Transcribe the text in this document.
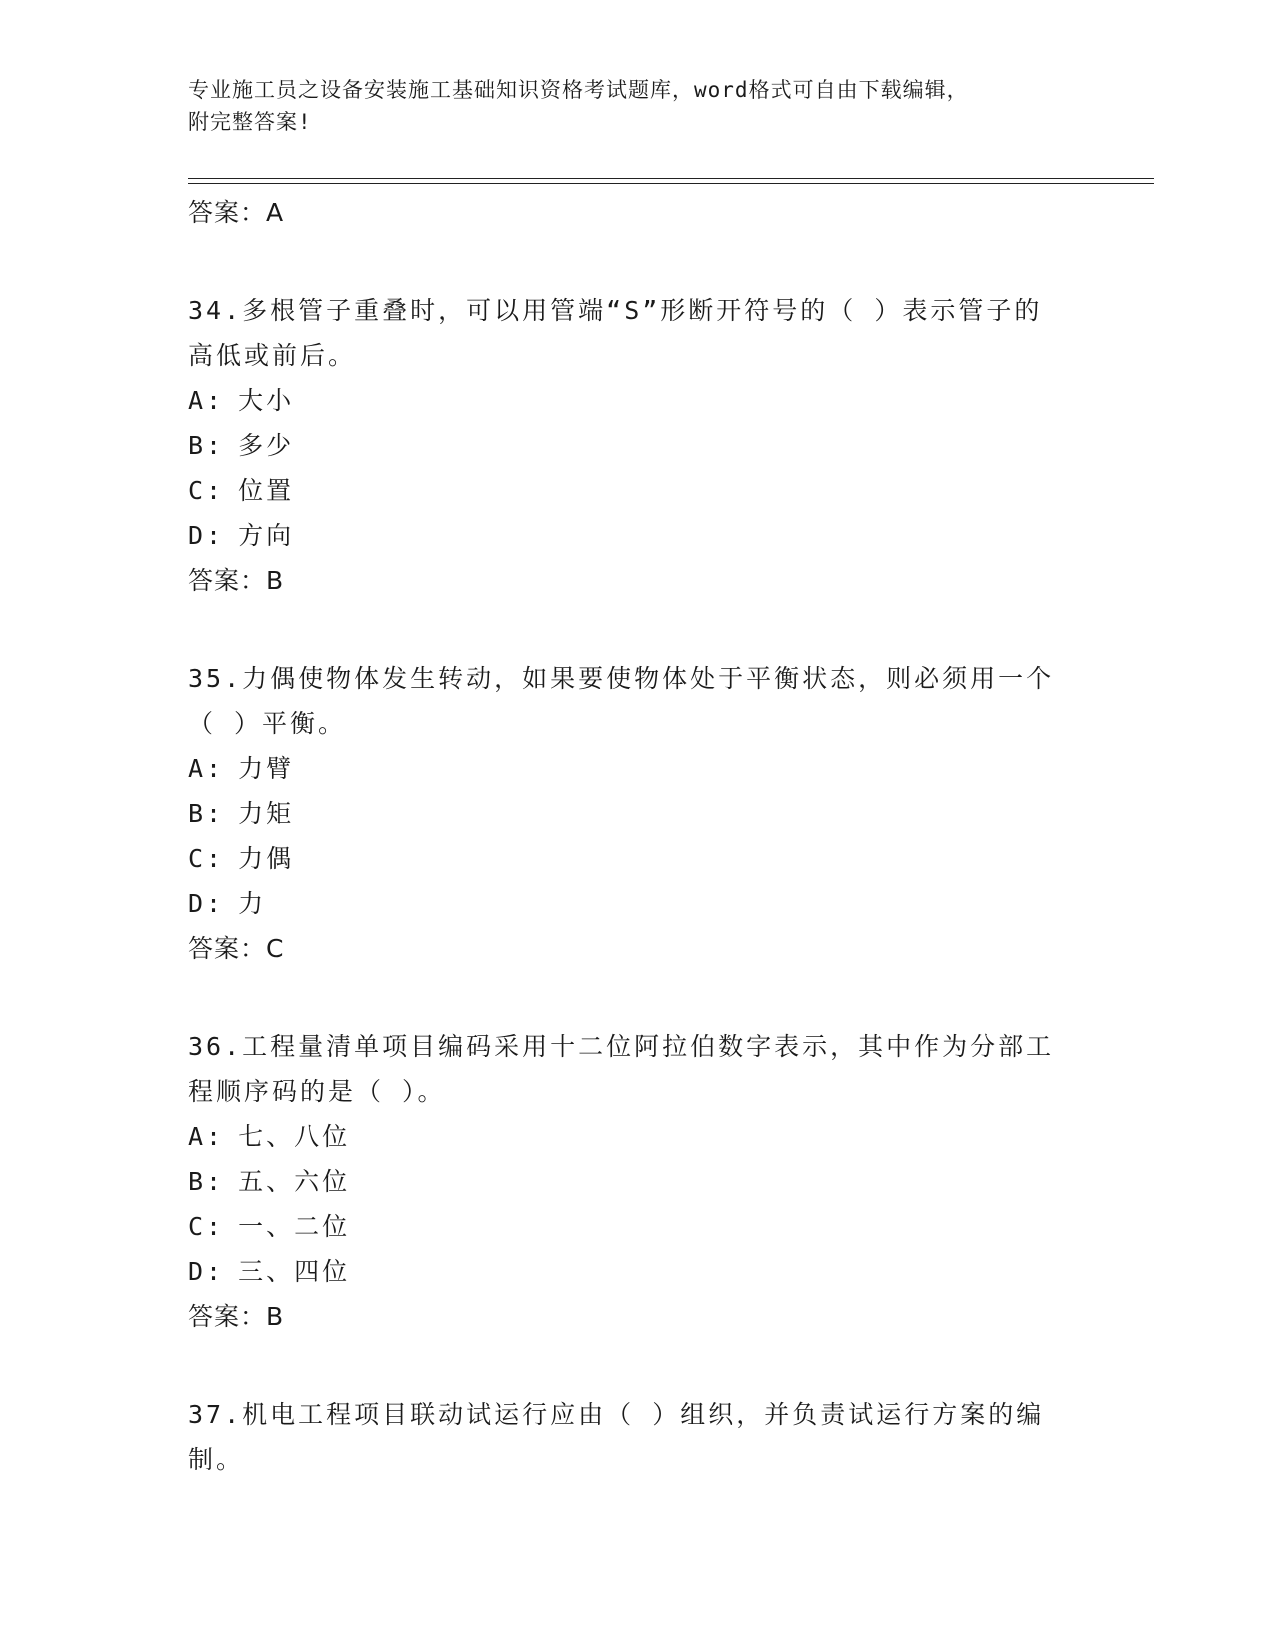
专业施工员之设备安装施工基础知识资格考试题库，word格式可自由下载编辑，
附完整答案!
答案：A
34.多根管子重叠时，可以用管端“S”形断开符号的（ ）表示管子的
高低或前后。
A: 大小
B: 多少
C: 位置
D: 方向
答案：B
35.力偶使物体发生转动，如果要使物体处于平衡状态，则必须用一个
（ ）平衡。
A: 力臂
B: 力矩
C: 力偶
D: 力
答案：C
36.工程量清单项目编码采用十二位阿拉伯数字表示，其中作为分部工
程顺序码的是（ ）。
A: 七、八位
B: 五、六位
C: 一、二位
D: 三、四位
答案：B
37.机电工程项目联动试运行应由（ ）组织，并负责试运行方案的编
制。
